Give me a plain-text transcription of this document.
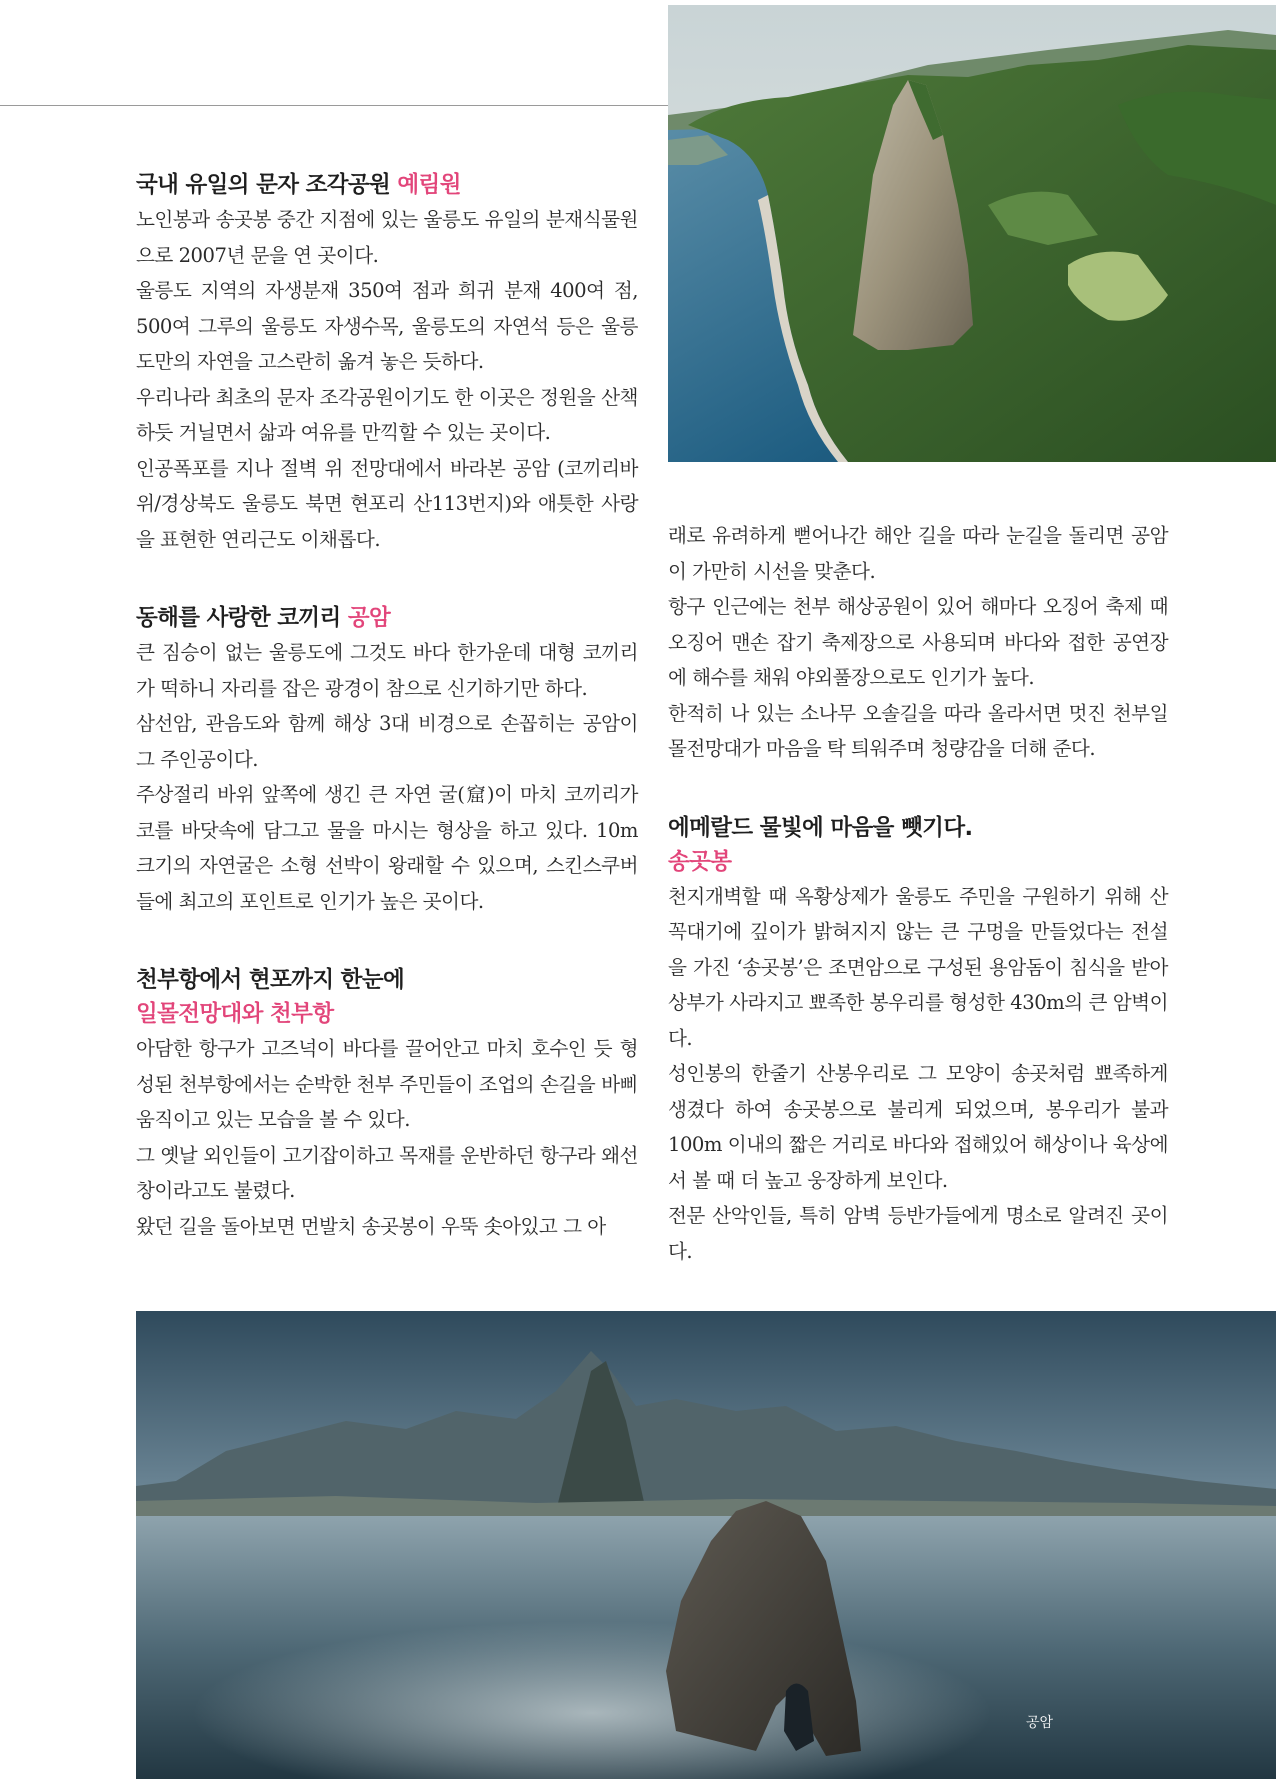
국내 유일의 문자 조각공원 예림원

노인봉과 송곳봉 중간 지점에 있는 울릉도 유일의 분재식물원으로 2007년 문을 연 곳이다.

울릉도 지역의 자생분재 350여 점과 희귀 분재 400여 점, 500여 그루의 울릉도 자생수목, 울릉도의 자연석 등은 울릉도만의 자연을 고스란히 옮겨 놓은 듯하다.

우리나라 최초의 문자 조각공원이기도 한 이곳은 정원을 산책하듯 거닐면서 삶과 여유를 만끽할 수 있는 곳이다.

인공폭포를 지나 절벽 위 전망대에서 바라본 공암 (코끼리바위/경상북도 울릉도 북면 현포리 산113번지)와 애틋한 사랑을 표현한 연리근도 이채롭다.

동해를 사랑한 코끼리 공암

큰 짐승이 없는 울릉도에 그것도 바다 한가운데 대형 코끼리가 떡하니 자리를 잡은 광경이 참으로 신기하기만 하다.

삼선암, 관음도와 함께 해상 3대 비경으로 손꼽히는 공암이 그 주인공이다.

주상절리 바위 앞쪽에 생긴 큰 자연 굴(窟)이 마치 코끼리가 코를 바닷속에 담그고 물을 마시는 형상을 하고 있다. 10m 크기의 자연굴은 소형 선박이 왕래할 수 있으며, 스킨스쿠버들에 최고의 포인트로 인기가 높은 곳이다.

천부항에서 현포까지 한눈에
일몰전망대와 천부항

아담한 항구가 고즈넉이 바다를 끌어안고 마치 호수인 듯 형성된 천부항에서는 순박한 천부 주민들이 조업의 손길을 바삐 움직이고 있는 모습을 볼 수 있다.

그 옛날 외인들이 고기잡이하고 목재를 운반하던 항구라 왜선창이라고도 불렸다.

왔던 길을 돌아보면 먼발치 송곳봉이 우뚝 솟아있고 그 아

래로 유려하게 뻗어나간 해안 길을 따라 눈길을 돌리면 공암이 가만히 시선을 맞춘다.

항구 인근에는 천부 해상공원이 있어 해마다 오징어 축제 때 오징어 맨손 잡기 축제장으로 사용되며 바다와 접한 공연장에 해수를 채워 야외풀장으로도 인기가 높다.

한적히 나 있는 소나무 오솔길을 따라 올라서면 멋진 천부일몰전망대가 마음을 탁 틔워주며 청량감을 더해 준다.

에메랄드 물빛에 마음을 뺏기다.
송곳봉

천지개벽할 때 옥황상제가 울릉도 주민을 구원하기 위해 산꼭대기에 깊이가 밝혀지지 않는 큰 구멍을 만들었다는 전설을 가진 ‘송곳봉’은 조면암으로 구성된 용암돔이 침식을 받아 상부가 사라지고 뾰족한 봉우리를 형성한 430m의 큰 암벽이다.

성인봉의 한줄기 산봉우리로 그 모양이 송곳처럼 뾰족하게 생겼다 하여 송곳봉으로 불리게 되었으며, 봉우리가 불과 100m 이내의 짧은 거리로 바다와 접해있어 해상이나 육상에서 볼 때 더 높고 웅장하게 보인다.

전문 산악인들, 특히 암벽 등반가들에게 명소로 알려진 곳이다.

공암
